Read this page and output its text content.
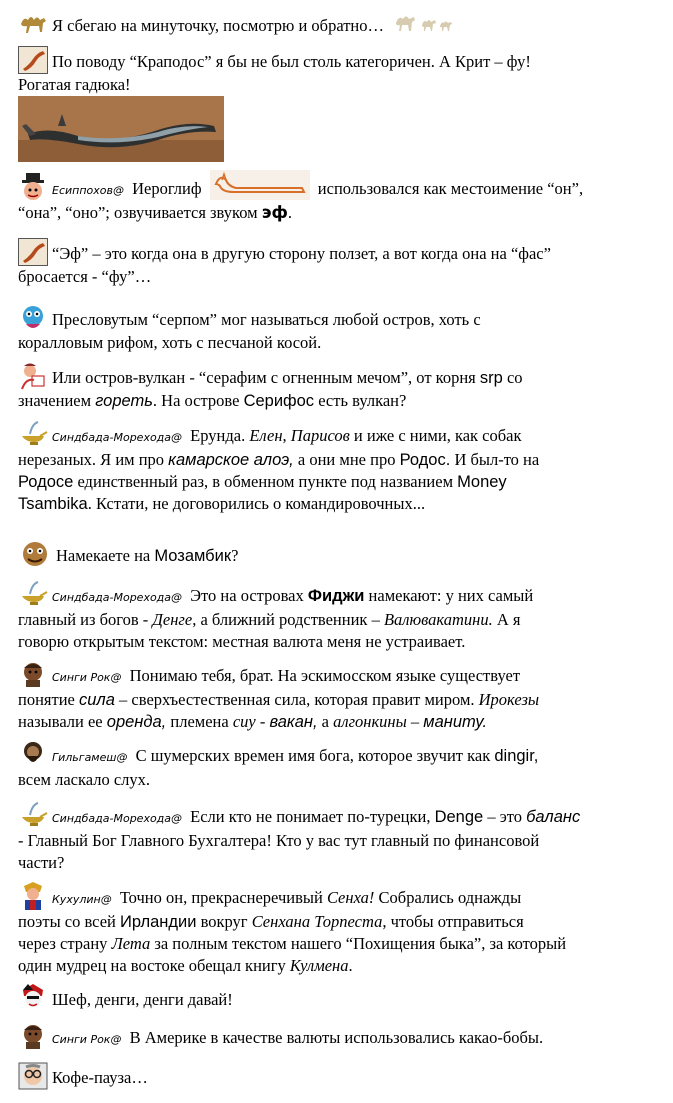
Я сбегаю на минуточку, посмотрю и обратно…
По поводу “Краподос” я бы не был столь категоричен. А Крит – фу!
Рогатая гадюка!
Есиппохов@ Иероглиф	использовался как местоимение “он”,
“она”, “оно”; озвучивается звуком эф.
“Эф” – это когда она в другую сторону ползет, а вот когда она на “фас”
бросается - “фу”…
Пресловутым “серпом” мог называться любой остров, хоть с
коралловым рифом, хоть с песчаной косой.
Или остров-вулкан - “серафим с огненным мечом”, от корня srp со
значением гореть. На острове Серифос есть вулкан?
Синдбада-Морехода@ Ерунда. Елен, Парисов и иже с ними, как собак
нерезаных. Я им про камарское алоэ, а они мне про Родос. И был-то на
Родосе единственный раз, в обменном пункте под названием Money
Tsambika. Кстати, не договорились о командировочных...
Намекаете на Мозамбик?
Синдбада-Морехода@ Это на островах Фиджи намекают: у них самый
главный из богов - Денге, а ближний родственник – Валювакатини. А я
говорю открытым текстом: местная валюта меня не устраивает.
Синги Рок@ Понимаю тебя, брат. На эскимосском языке существует
понятие сила – сверхъестественная сила, которая правит миром. Ирокезы
называли ее оренда, племена сиу - вакан, а алгонкины – маниту.
Гильгамеш@ С шумерских времен имя бога, которое звучит как dingir,
всем ласкало слух.
Синдбада-Морехода@ Если кто не понимает по-турецки, Denge – это баланс
- Главный Бог Главного Бухгалтера! Кто у вас тут главный по финансовой
части?
Кухулин@ Точно он, прекраснеречивый Сенха! Собрались однажды
поэты со всей Ирландии вокруг Сенхана Торпеста, чтобы отправиться
через страну Лета за полным текстом нашего “Похищения быка”, за который
один мудрец на востоке обещал книгу Кулмена.
Шеф, денги, денги давай!
Синги Рок@ В Америке в качестве валюты использовались какао-бобы.
Кофе-пауза…
